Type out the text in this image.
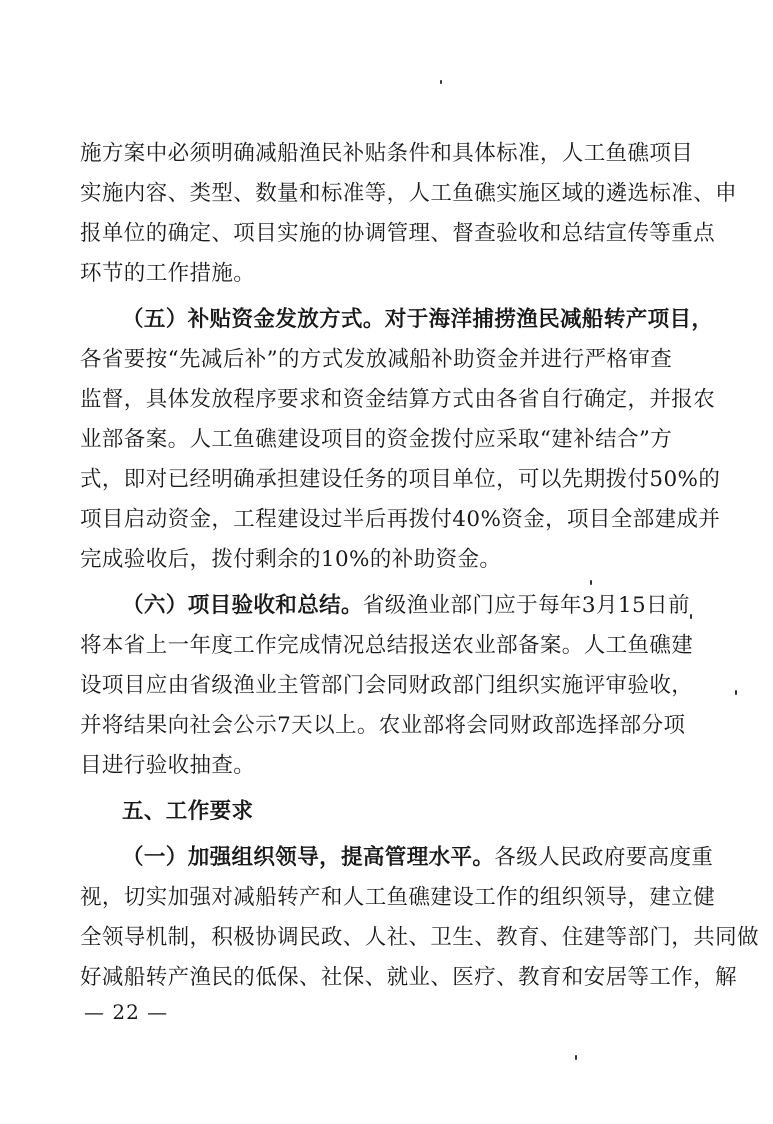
施方案中必须明确减船渔民补贴条件和具体标准，人工鱼礁项目
实施内容、类型、数量和标准等，人工鱼礁实施区域的遴选标准、申
报单位的确定、项目实施的协调管理、督查验收和总结宣传等重点
环节的工作措施。
（五）补贴资金发放方式。 对于海洋捕捞渔民减船转产项目，
各省要按“先减后补”的方式发放减船补助资金并进行严格审查
监督，具体发放程序要求和资金结算方式由各省自行确定，并报农
业部备案。人工鱼礁建设项目的资金拨付应采取“建补结合”方
式，即对已经明确承担建设任务的项目单位，可以先期拨付50%的
项目启动资金，工程建设过半后再拨付40%资金，项目全部建成并
完成验收后，拨付剩余的10%的补助资金。
（六）项目验收和总结。 省级渔业部门应于每年3月15日前
将本省上一年度工作完成情况总结报送农业部备案。人工鱼礁建
设项目应由省级渔业主管部门会同财政部门组织实施评审验收，
并将结果向社会公示7天以上。农业部将会同财政部选择部分项
目进行验收抽查。
五、工作要求
（一）加强组织领导，提高管理水平。 各级人民政府要高度重
视，切实加强对减船转产和人工鱼礁建设工作的组织领导，建立健
全领导机制，积极协调民政、人社、卫生、教育、住建等部门，共同做
好减船转产渔民的低保、社保、就业、医疗、教育和安居等工作，解
— 22 —
